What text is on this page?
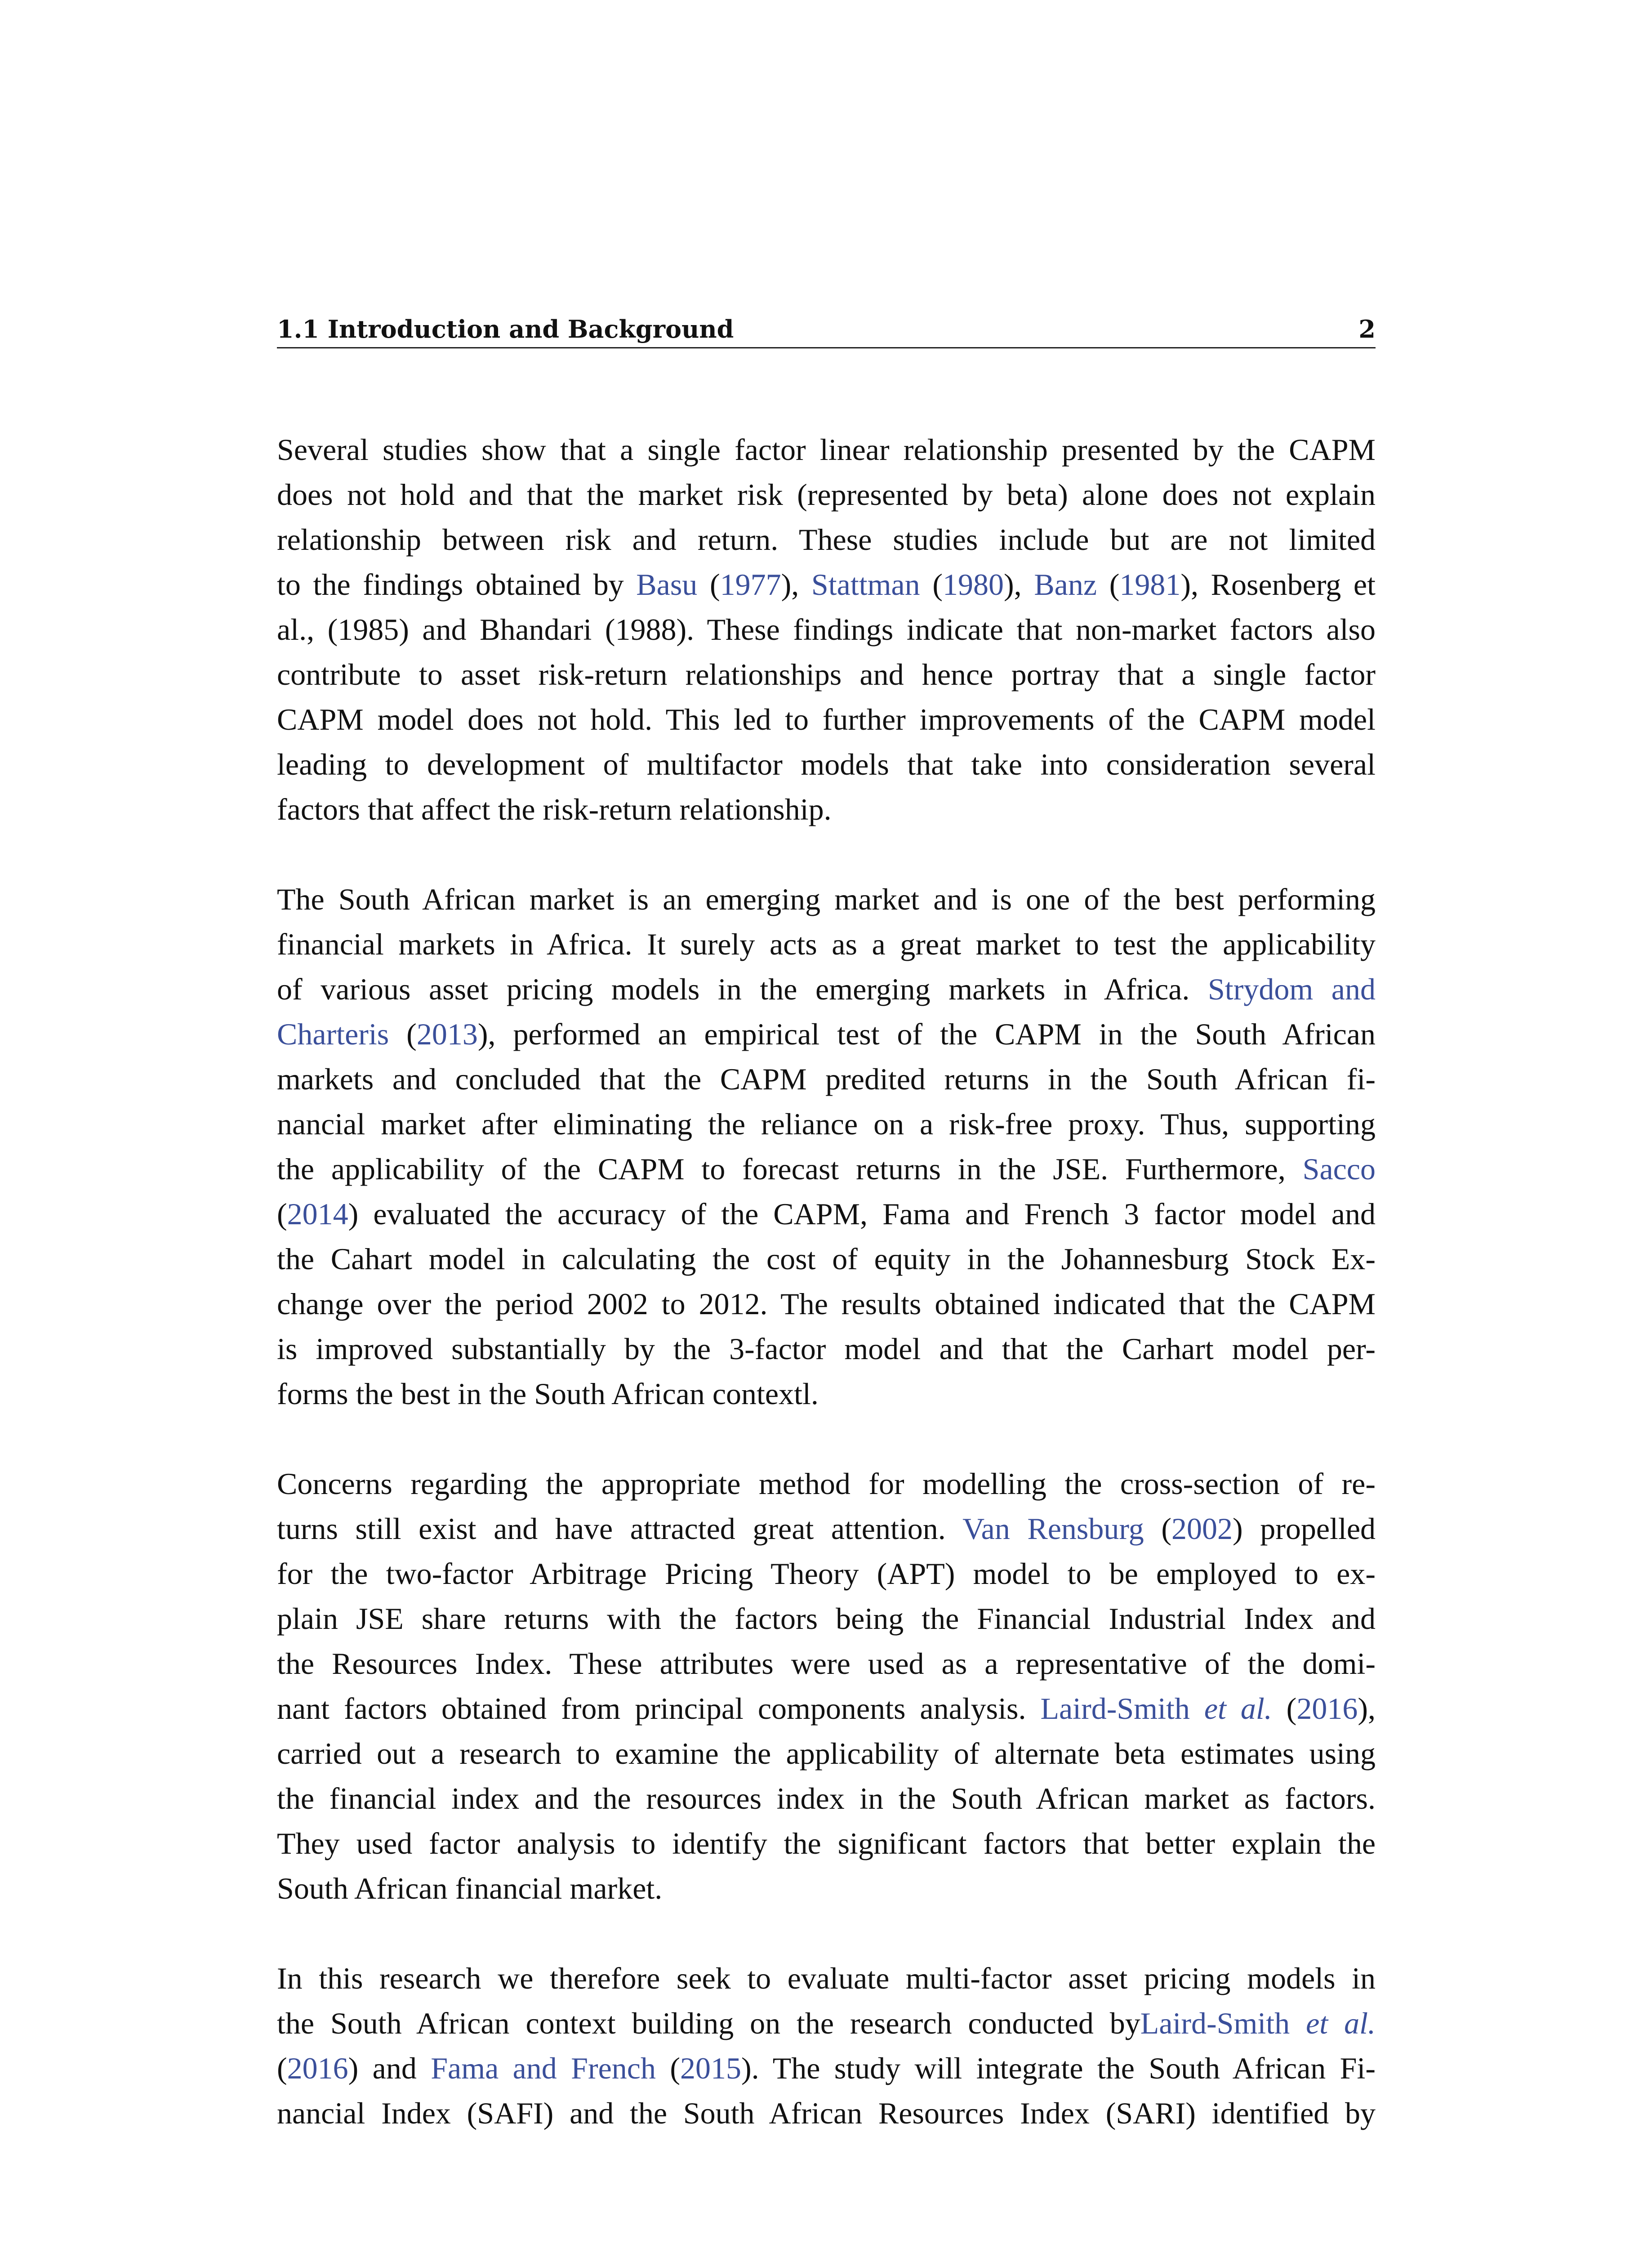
1.1 Introduction and Background	2
Several studies show that a single factor linear relationship presented by the CAPM
does not hold and that the market risk (represented by beta) alone does not explain
relationship between risk and return. These studies include but are not limited
to the findings obtained by Basu (1977), Stattman (1980), Banz (1981), Rosenberg et
al., (1985) and Bhandari (1988). These findings indicate that non-market factors also
contribute to asset risk-return relationships and hence portray that a single factor
CAPM model does not hold. This led to further improvements of the CAPM model
leading to development of multifactor models that take into consideration several
factors that affect the risk-return relationship.
The South African market is an emerging market and is one of the best performing
financial markets in Africa. It surely acts as a great market to test the applicability
of various asset pricing models in the emerging markets in Africa. Strydom and
Charteris (2013), performed an empirical test of the CAPM in the South African
markets and concluded that the CAPM predited returns in the South African fi-
nancial market after eliminating the reliance on a risk-free proxy. Thus, supporting
the applicability of the CAPM to forecast returns in the JSE. Furthermore, Sacco
(2014) evaluated the accuracy of the CAPM, Fama and French 3 factor model and
the Cahart model in calculating the cost of equity in the Johannesburg Stock Ex-
change over the period 2002 to 2012. The results obtained indicated that the CAPM
is improved substantially by the 3-factor model and that the Carhart model per-
forms the best in the South African contextl.
Concerns regarding the appropriate method for modelling the cross-section of re-
turns still exist and have attracted great attention. Van Rensburg (2002) propelled
for the two-factor Arbitrage Pricing Theory (APT) model to be employed to ex-
plain JSE share returns with the factors being the Financial Industrial Index and
the Resources Index. These attributes were used as a representative of the domi-
nant factors obtained from principal components analysis. Laird-Smith et al. (2016),
carried out a research to examine the applicability of alternate beta estimates using
the financial index and the resources index in the South African market as factors.
They used factor analysis to identify the significant factors that better explain the
South African financial market.
In this research we therefore seek to evaluate multi-factor asset pricing models in
the South African context building on the research conducted byLaird-Smith et al.
(2016) and Fama and French (2015). The study will integrate the South African Fi-
nancial Index (SAFI) and the South African Resources Index (SARI) identified by
